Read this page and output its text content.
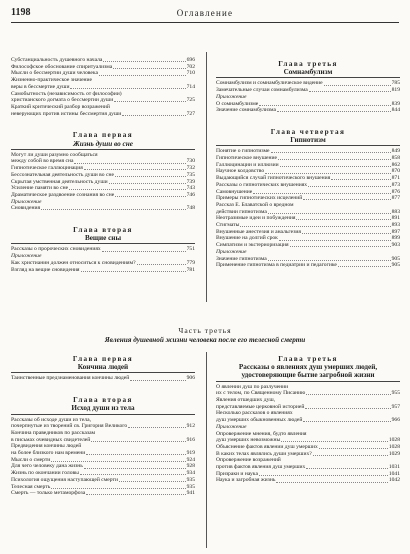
1198	Оглавление
Субстанциальность душевного начала	696
Философское обоснование спиритуализма	702
Мысли о бессмертии души человека	710
Жизненно-практическое значение
веры в бессмертие души	714
Самобытность (независимость от философии)
христианского догмата о бессмертии души	725
Краткий критический разбор возражений
неверующих против истины бессмертия души	727
Глава первая
Жизнь души во сне
Могут ли души разумно сообщаться
между собой во время сна	730
Гипнотическое галлюцинация	732
Бессознательная деятельность души во сне	735
Скрытая умственная деятельность души	739
Усиление памяти во сне	743
Драматическое раздвоение сознания во сне	746
Приложение
Сновидения	748
Глава вторая
Вещие сны
Рассказы о пророческих сновидениях	751
Приложение
Как христианин должен относиться к сновидениям?	779
Взгляд на вещие сновидения	781
Глава третья
Сомнамбулизм
Сомнамбулизм и сомнамбулическое видение	785
Замечательные случаи сомнамбулизма	819
Приложение
О сомнамбулизме	839
Значение сомнамбулизма	844
Глава четвертая
Гипнотизм
Понятие о гипнотизме	849
Гипнотическое внушение	858
Галлюцинации и иллюзии	862
Научное колдовство	870
Выдающийся случай гипнотического внушения	871
Рассказы о гипнотических внушениях	873
Самовнушение	876
Примеры гипнотических исцелений	877
Рассказ Е. Блаватской о вредном
действии гипнотизма	883
Неотразимые идеи и побуждения	891
Стигматы	893
Внушенные анестезия и анальгезия	897
Внушение на долгий срок	899
Симпатизм и экстериоризация	903
Приложение
Значение гипнотизма	905
Применение гипнотизма в педиатрии и педагогике	905
Часть третья
Явления душевной жизни человека после его телесной смерти
Глава первая
Кончина людей
Таинственные предзнаменования кончины людей	906
Глава вторая
Исход души из тела
Рассказы об исходе души из тела,
почерпнутые из творений св. Григория Великого	912
Кончина праведников по рассказам
в письмах очевидных свидетелей	916
Предвидения кончины людей
на более близкого нам времени	919
Мысли о смерти	924
Для чего человеку дана жизнь	928
Жизнь по окончании головы	934
Психология ощущения наступающей смерти	935
Телесная смерть	935
Смерть — только метаморфоза	941
Глава третья
Рассказы о явлениях душ умерших людей, удостоверяющие бытие загробной жизни
О явлении душ по разлучении
их с телом, по Священному Писанию	955
Явления отшедших душ,
представляемые церковной историей	957
Несколько рассказов о явлениях
душ умерших обыкновенных людей	966
Приложение
Опровержение мнения, будто явления
душ умерших невозможны	1028
Объяснение фактов явлении душ умерших	1028
В каких телах являлись души умерших?	1029
Опровержение возражений
против фактов явления душ умерших	1031
Призраки и наука	1041
Наука и загробная жизнь	1042
